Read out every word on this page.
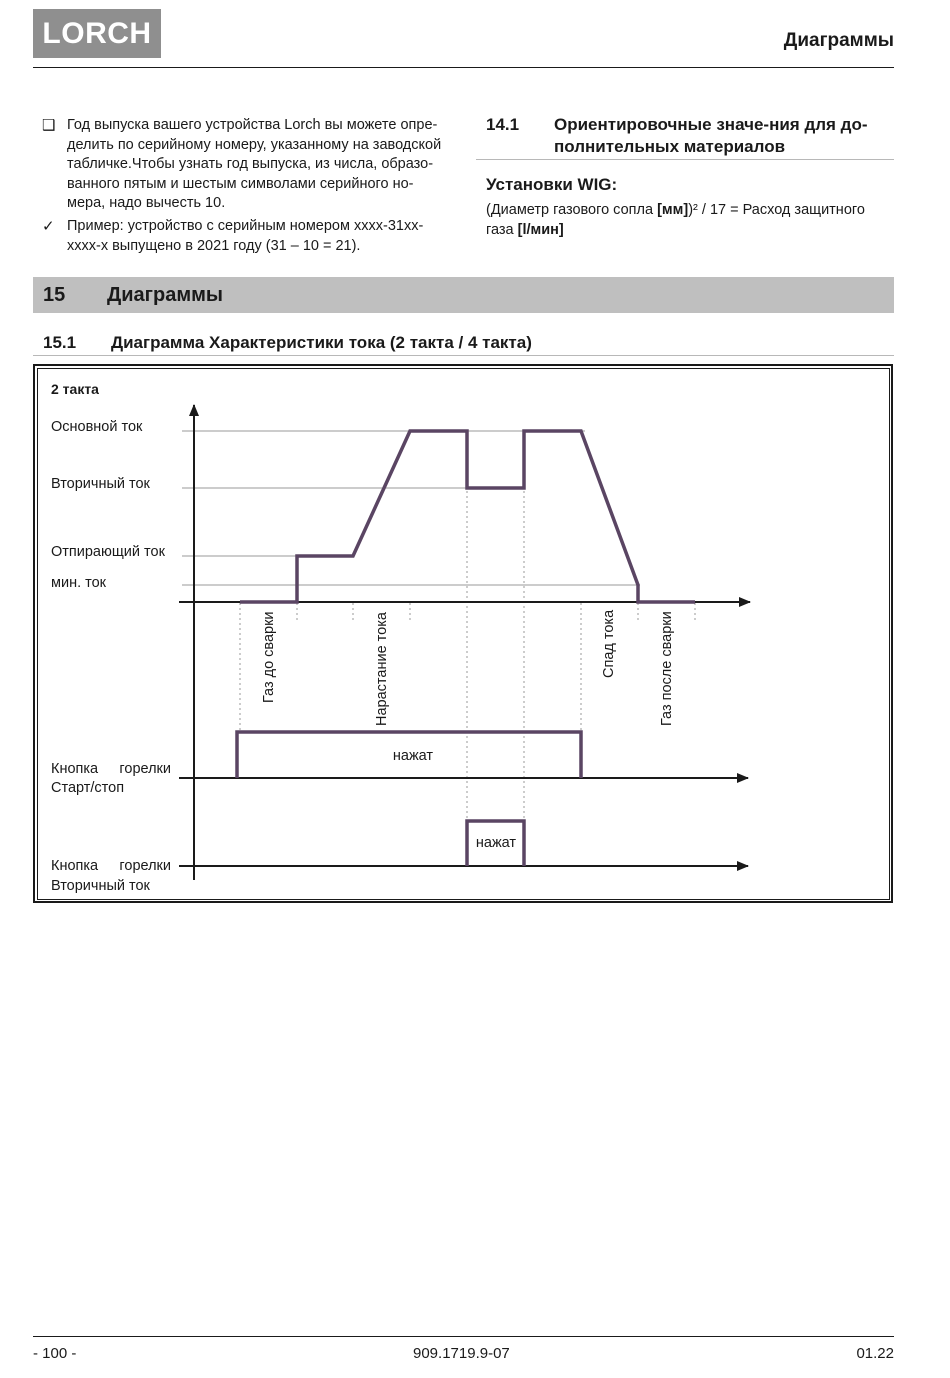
LORCH	Диаграммы
❑ Год выпуска вашего устройства Lorch вы можете опре-
делить по серийному номеру, указанному на заводской
табличке.Чтобы узнать год выпуска, из числа, образо-
ванного пятым и шестым символами серийного но-
мера, надо вычесть 10.
✓ Пример: устройство с серийным номером xxxx-31xx-
xxxx-x выпущено в 2021 году (31 – 10 = 21).
14.1 Ориентировочные значе-ния для до-
полнительных материалов
Установки WIG:
(Диаметр газового сопла [мм])² / 17 = Расход защитного
газа [l/мин]
15 Диаграммы
15.1 Диаграмма Характеристики тока (2 такта / 4 такта)
2 такта
Основной ток
Вторичный ток
Отпирающий ток
мин. ток
Газ до сварки	Нарастание тока	Спад тока	Газ после сварки
нажат
нажат
Кнопка горелки
Старт/стоп
Кнопка горелки
Вторичный ток
- 100 -	909.1719.9-07	01.22
